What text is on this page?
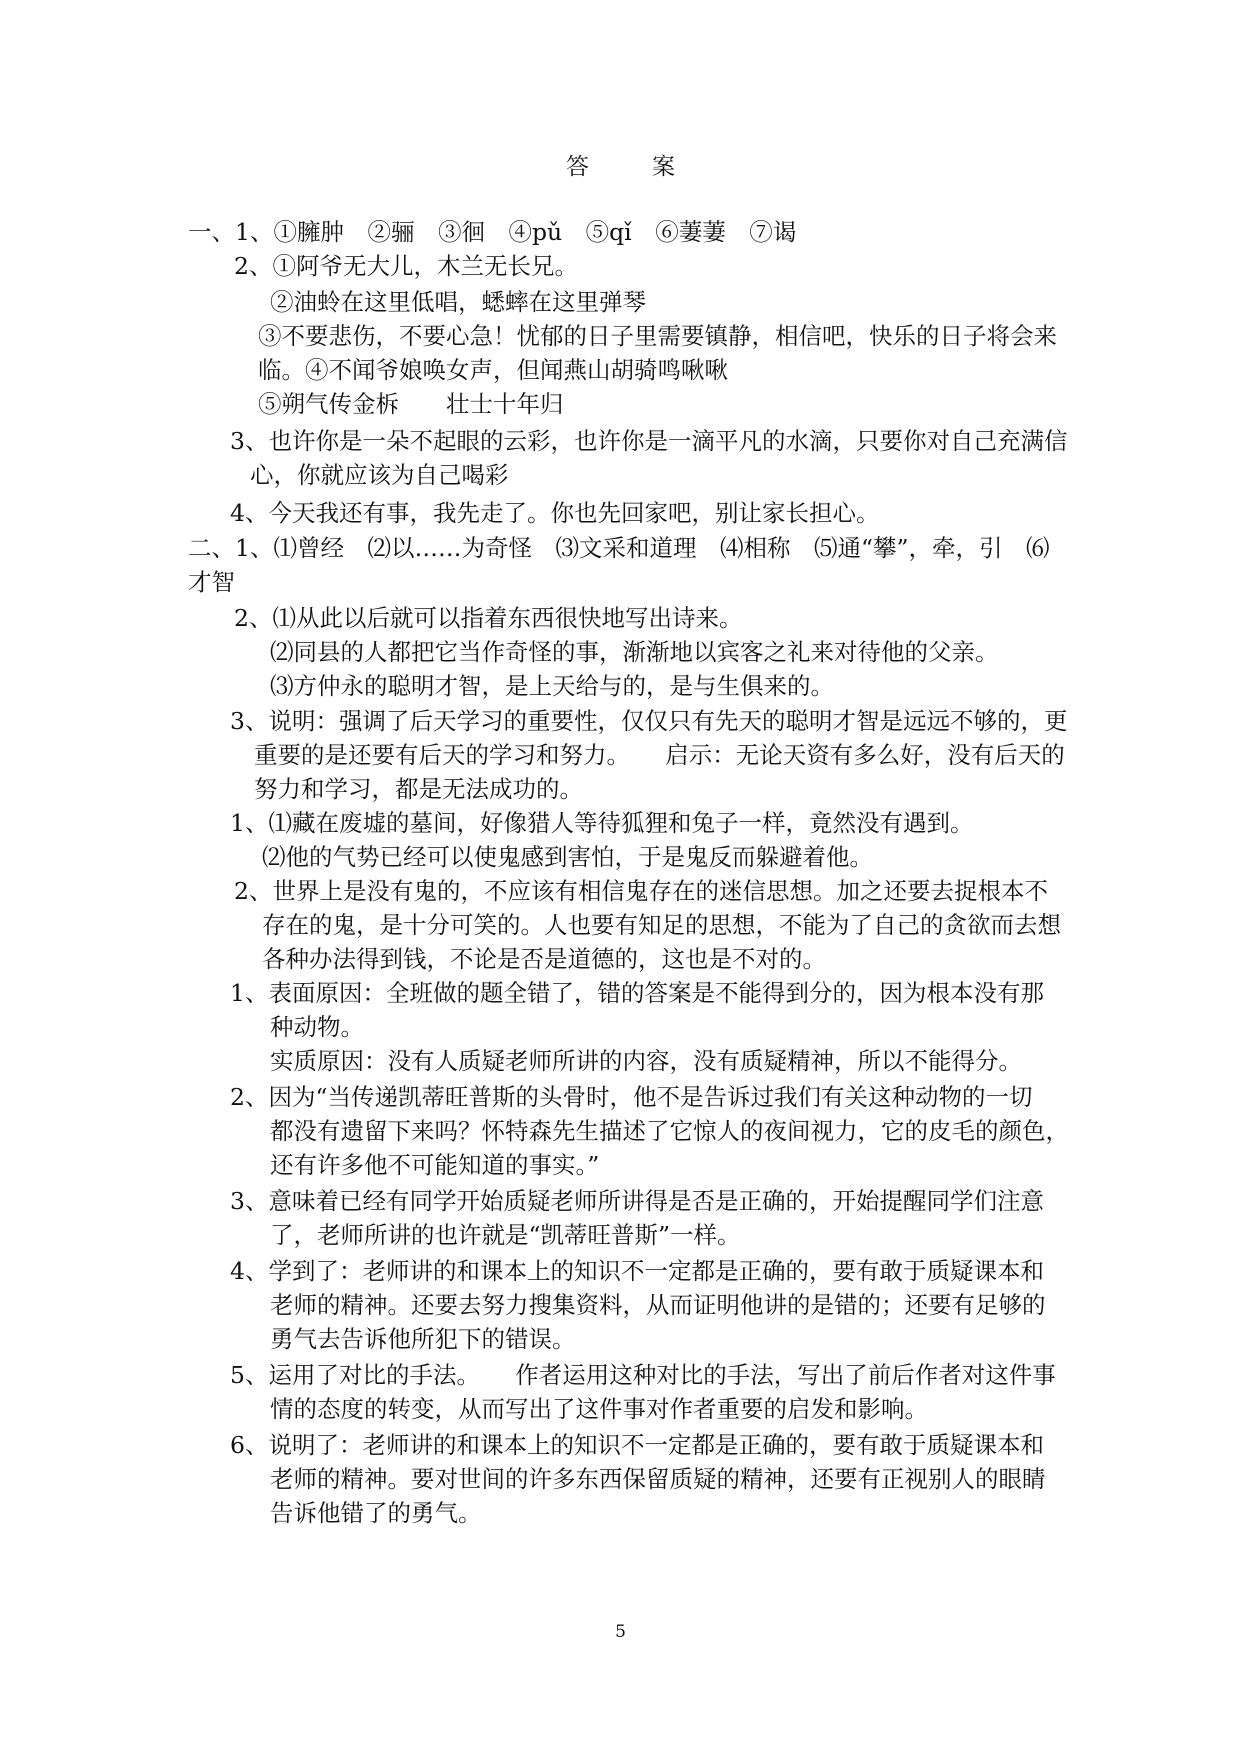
答　案
一、1、①臃肿　②骊　③徊　④pǔ　⑤qǐ　⑥萋萋　⑦谒
2、①阿爷无大儿，木兰无长兄。
②油蛉在这里低唱，蟋蟀在这里弹琴
③不要悲伤，不要心急！忧郁的日子里需要镇静，相信吧，快乐的日子将会来
临。④不闻爷娘唤女声，但闻燕山胡骑鸣啾啾
⑤朔气传金柝　　壮士十年归
3、也许你是一朵不起眼的云彩，也许你是一滴平凡的水滴，只要你对自己充满信
心，你就应该为自己喝彩
4、今天我还有事，我先走了。你也先回家吧，别让家长担心。
二、1、⑴曾经　⑵以……为奇怪　⑶文采和道理　⑷相称　⑸通“攀”，牵，引　⑹
才智
2、⑴从此以后就可以指着东西很快地写出诗来。
⑵同县的人都把它当作奇怪的事，渐渐地以宾客之礼来对待他的父亲。
⑶方仲永的聪明才智，是上天给与的，是与生俱来的。
3、说明：强调了后天学习的重要性，仅仅只有先天的聪明才智是远远不够的，更
重要的是还要有后天的学习和努力。　　启示：无论天资有多么好，没有后天的
努力和学习，都是无法成功的。
1、⑴藏在废墟的墓间，好像猎人等待狐狸和兔子一样，竟然没有遇到。
⑵他的气势已经可以使鬼感到害怕，于是鬼反而躲避着他。
2、世界上是没有鬼的，不应该有相信鬼存在的迷信思想。加之还要去捉根本不
存在的鬼，是十分可笑的。人也要有知足的思想，不能为了自己的贪欲而去想
各种办法得到钱，不论是否是道德的，这也是不对的。
1、表面原因：全班做的题全错了，错的答案是不能得到分的，因为根本没有那
种动物。
实质原因：没有人质疑老师所讲的内容，没有质疑精神，所以不能得分。
2、因为“当传递凯蒂旺普斯的头骨时，他不是告诉过我们有关这种动物的一切
都没有遗留下来吗？怀特森先生描述了它惊人的夜间视力，它的皮毛的颜色，
还有许多他不可能知道的事实。”
3、意味着已经有同学开始质疑老师所讲得是否是正确的，开始提醒同学们注意
了，老师所讲的也许就是“凯蒂旺普斯”一样。
4、学到了：老师讲的和课本上的知识不一定都是正确的，要有敢于质疑课本和
老师的精神。还要去努力搜集资料，从而证明他讲的是错的；还要有足够的
勇气去告诉他所犯下的错误。
5、运用了对比的手法。　　作者运用这种对比的手法，写出了前后作者对这件事
情的态度的转变，从而写出了这件事对作者重要的启发和影响。
6、说明了：老师讲的和课本上的知识不一定都是正确的，要有敢于质疑课本和
老师的精神。要对世间的许多东西保留质疑的精神，还要有正视别人的眼睛
告诉他错了的勇气。
5
